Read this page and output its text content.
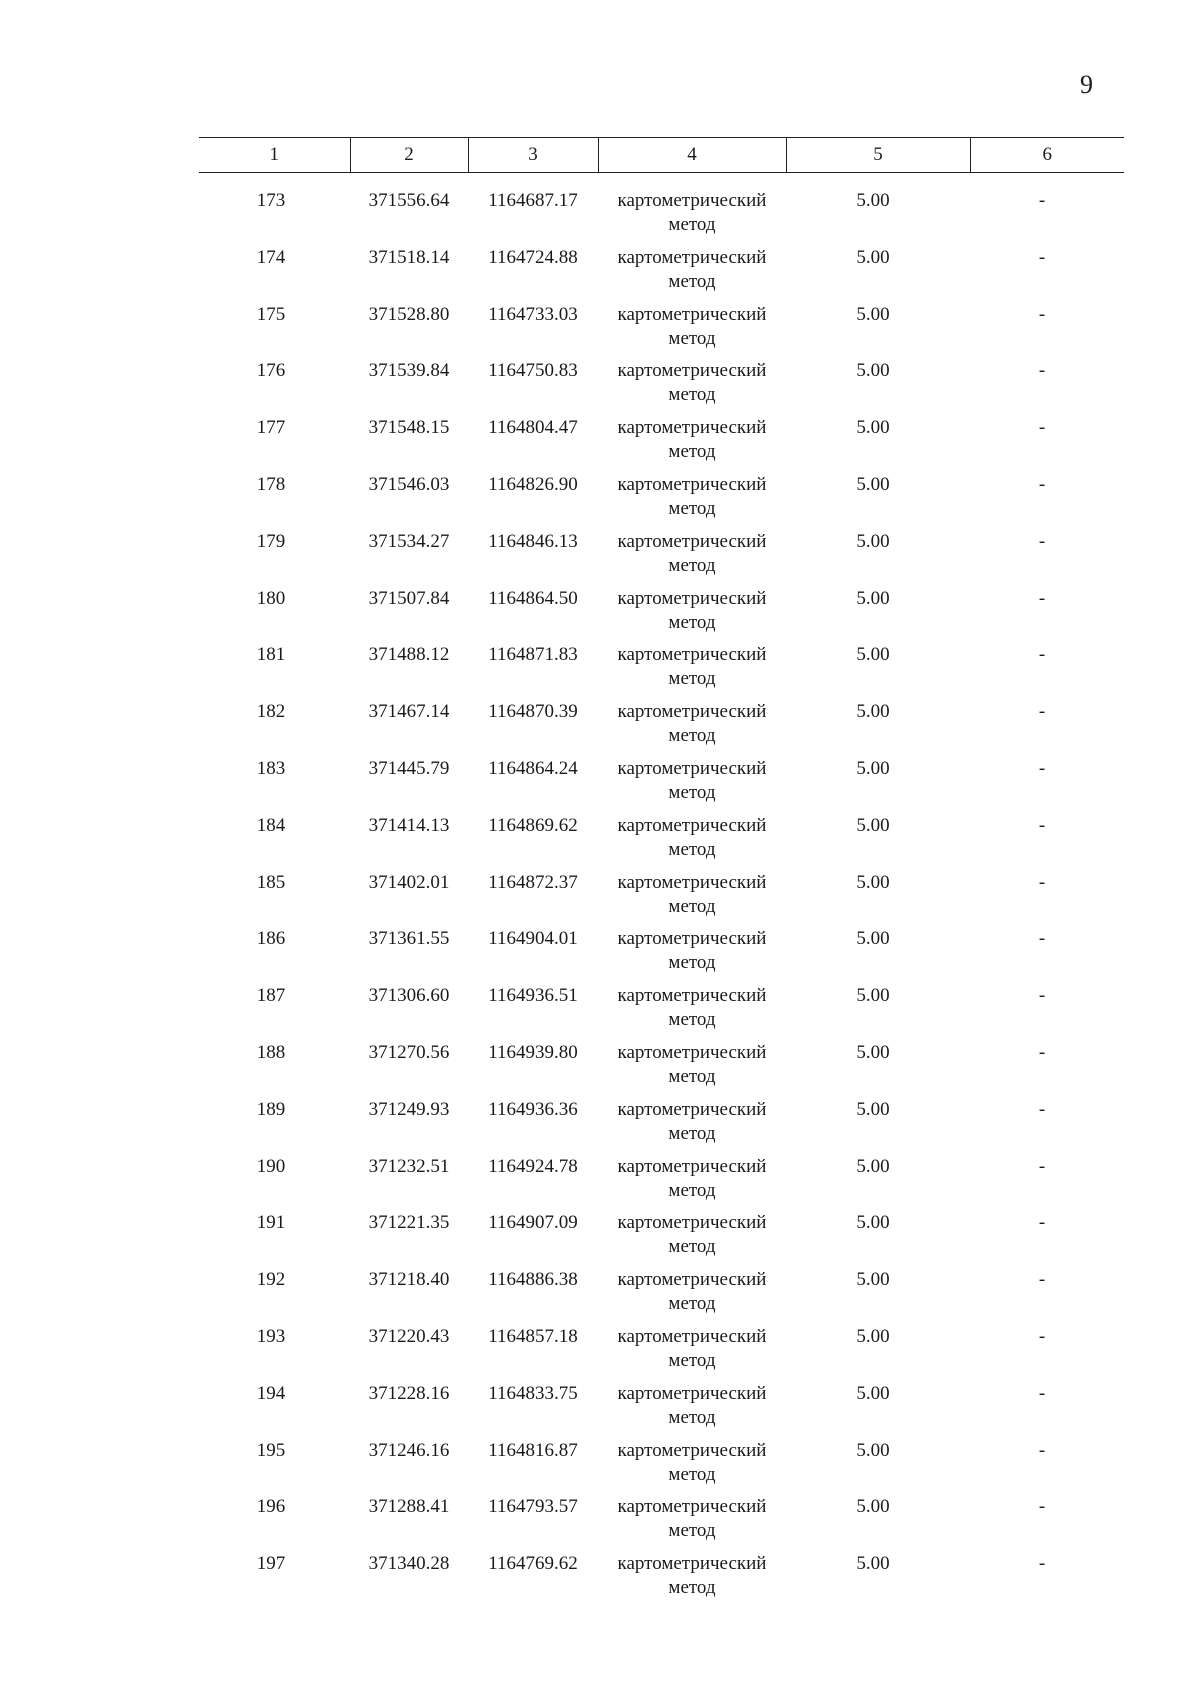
9
1	2	3	4	5	6
173	371556.64	1164687.17	картометрический метод	5.00	-
174	371518.14	1164724.88	картометрический метод	5.00	-
175	371528.80	1164733.03	картометрический метод	5.00	-
176	371539.84	1164750.83	картометрический метод	5.00	-
177	371548.15	1164804.47	картометрический метод	5.00	-
178	371546.03	1164826.90	картометрический метод	5.00	-
179	371534.27	1164846.13	картометрический метод	5.00	-
180	371507.84	1164864.50	картометрический метод	5.00	-
181	371488.12	1164871.83	картометрический метод	5.00	-
182	371467.14	1164870.39	картометрический метод	5.00	-
183	371445.79	1164864.24	картометрический метод	5.00	-
184	371414.13	1164869.62	картометрический метод	5.00	-
185	371402.01	1164872.37	картометрический метод	5.00	-
186	371361.55	1164904.01	картометрический метод	5.00	-
187	371306.60	1164936.51	картометрический метод	5.00	-
188	371270.56	1164939.80	картометрический метод	5.00	-
189	371249.93	1164936.36	картометрический метод	5.00	-
190	371232.51	1164924.78	картометрический метод	5.00	-
191	371221.35	1164907.09	картометрический метод	5.00	-
192	371218.40	1164886.38	картометрический метод	5.00	-
193	371220.43	1164857.18	картометрический метод	5.00	-
194	371228.16	1164833.75	картометрический метод	5.00	-
195	371246.16	1164816.87	картометрический метод	5.00	-
196	371288.41	1164793.57	картометрический метод	5.00	-
197	371340.28	1164769.62	картометрический метод	5.00	-
